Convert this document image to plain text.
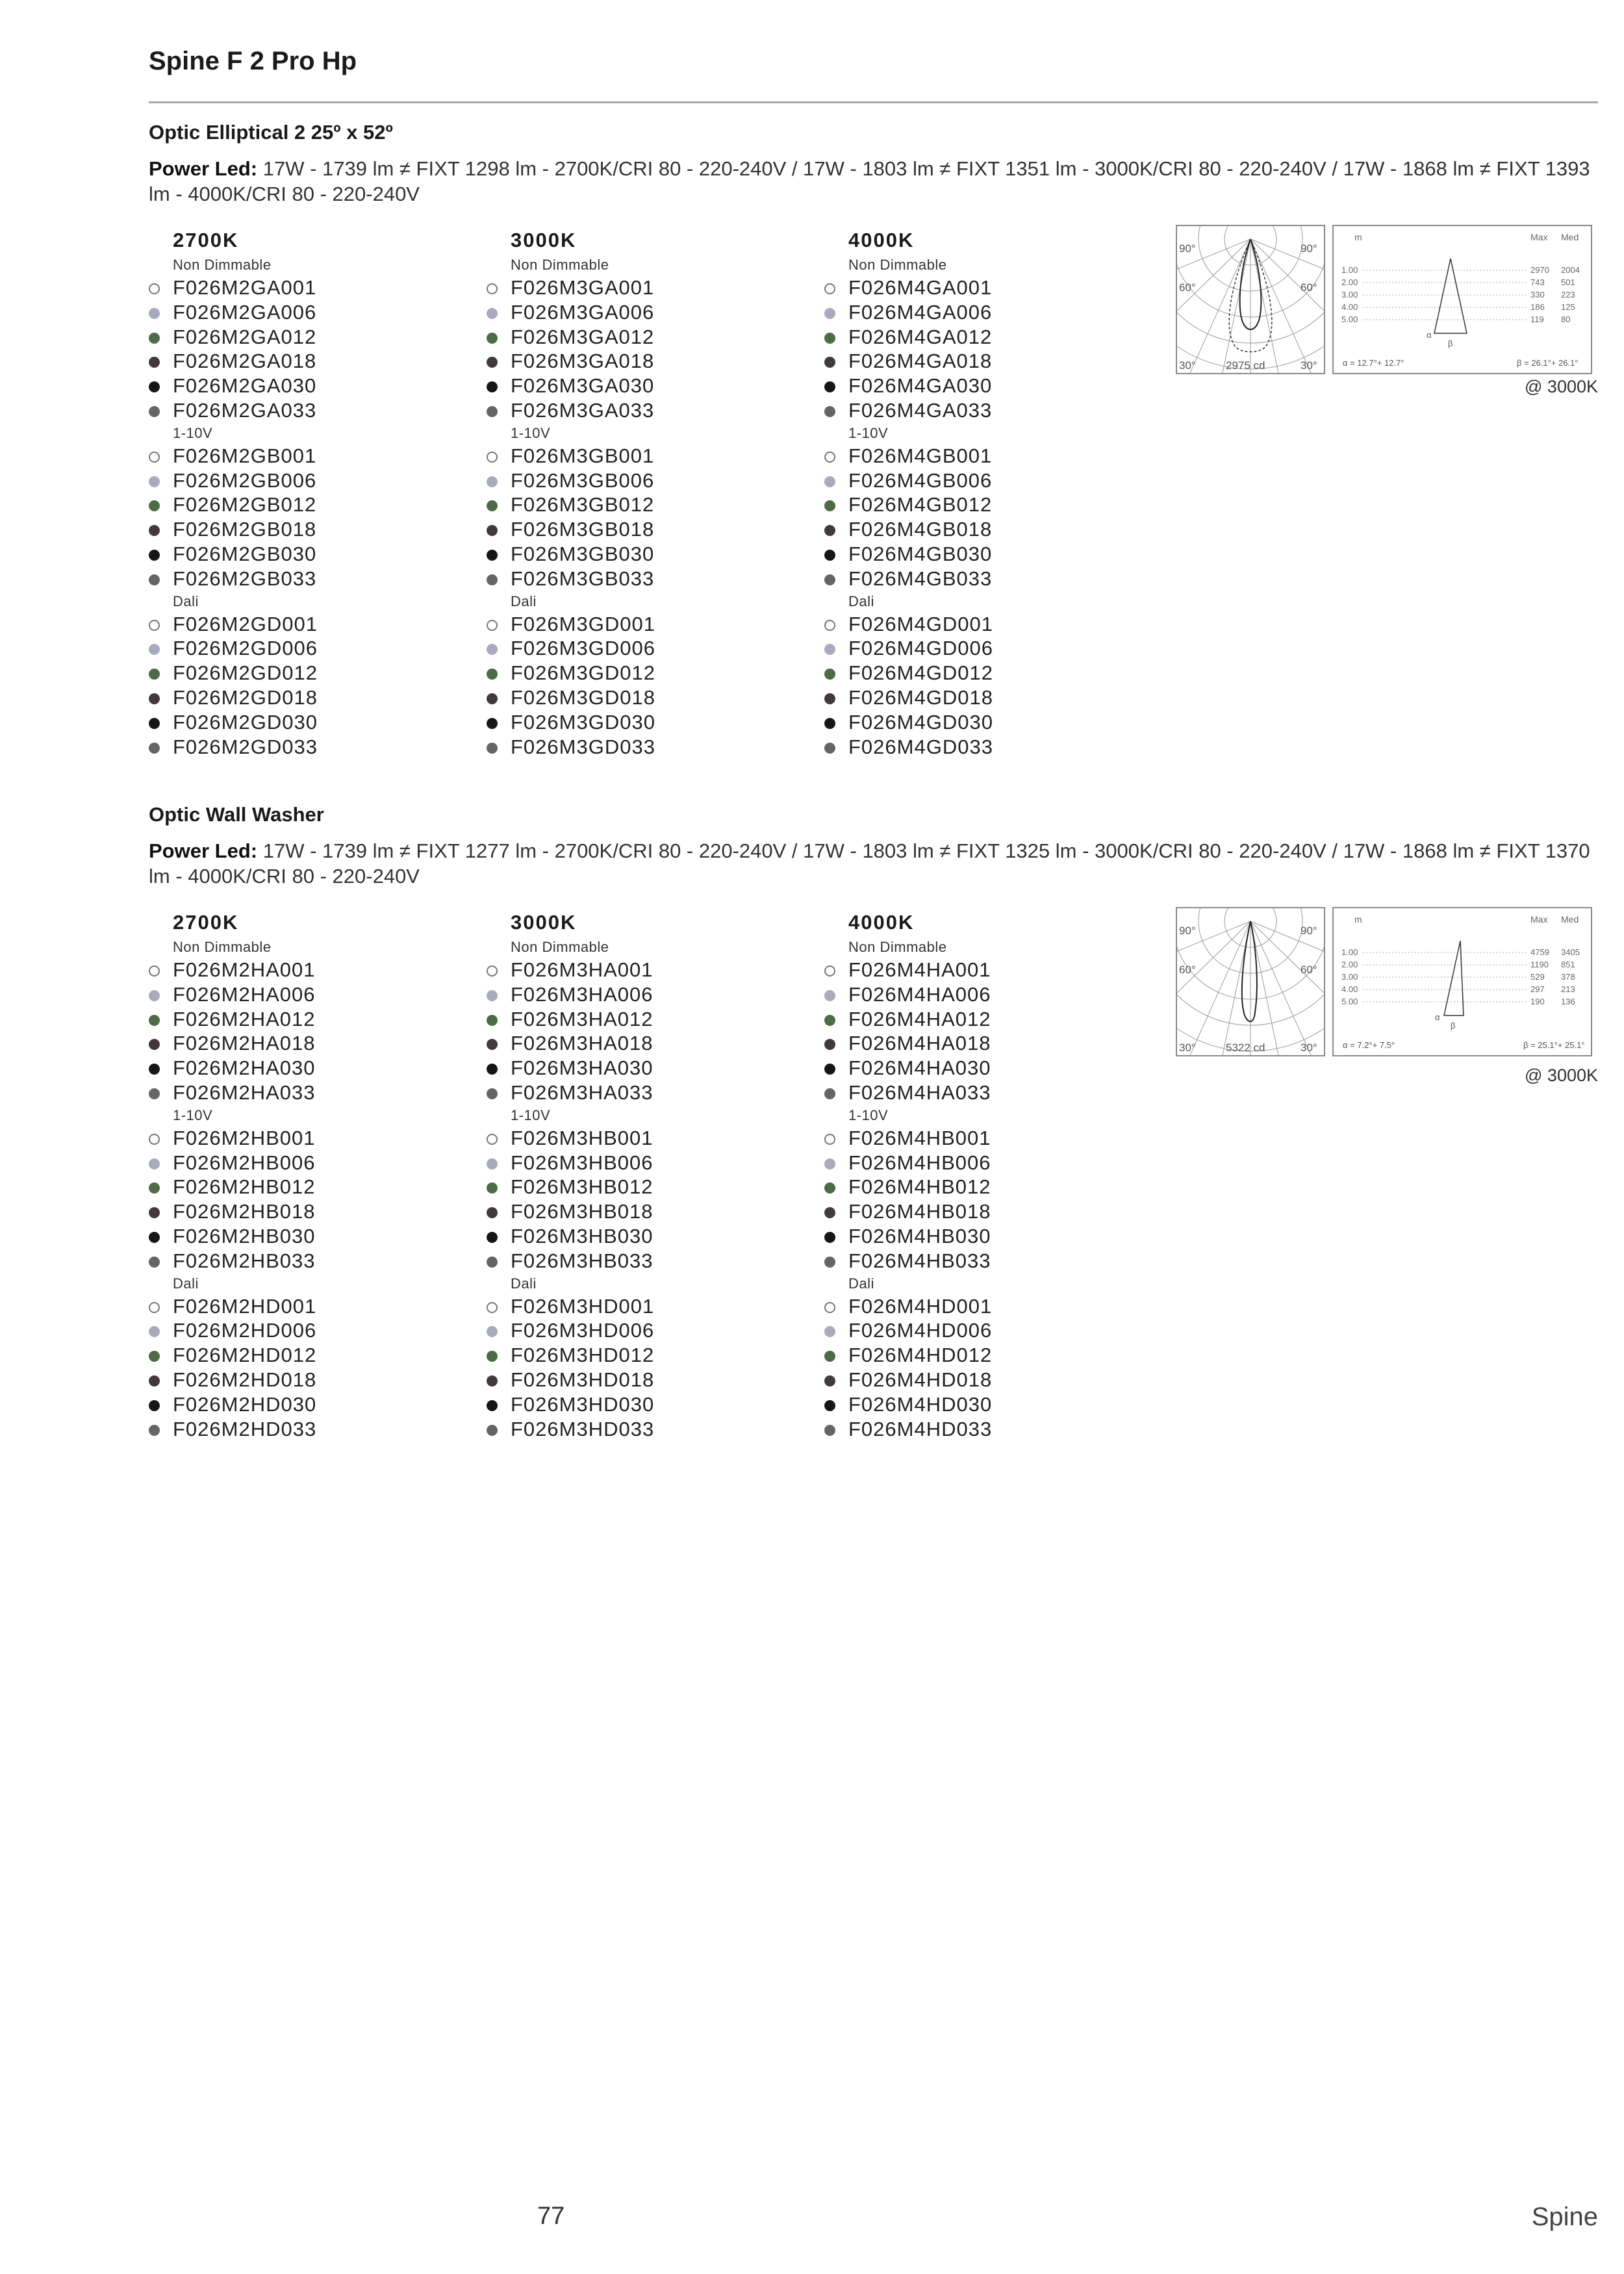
Spine F 2 Pro Hp
Optic Elliptical 2 25º x 52º
Power Led: 17W - 1739 lm ≠ FIXT 1298 lm - 2700K/CRI 80 - 220-240V / 17W - 1803 lm ≠ FIXT 1351 lm - 3000K/CRI 80 - 220-240V / 17W - 1868 lm ≠ FIXT 1393 lm - 4000K/CRI 80 - 220-240V
2700K
Non Dimmable
F026M2GA001
F026M2GA006
F026M2GA012
F026M2GA018
F026M2GA030
F026M2GA033
1-10V
F026M2GB001
F026M2GB006
F026M2GB012
F026M2GB018
F026M2GB030
F026M2GB033
Dali
F026M2GD001
F026M2GD006
F026M2GD012
F026M2GD018
F026M2GD030
F026M2GD033
3000K
Non Dimmable
F026M3GA001
F026M3GA006
F026M3GA012
F026M3GA018
F026M3GA030
F026M3GA033
1-10V
F026M3GB001
F026M3GB006
F026M3GB012
F026M3GB018
F026M3GB030
F026M3GB033
Dali
F026M3GD001
F026M3GD006
F026M3GD012
F026M3GD018
F026M3GD030
F026M3GD033
4000K
Non Dimmable
F026M4GA001
F026M4GA006
F026M4GA012
F026M4GA018
F026M4GA030
F026M4GA033
1-10V
F026M4GB001
F026M4GB006
F026M4GB012
F026M4GB018
F026M4GB030
F026M4GB033
Dali
F026M4GD001
F026M4GD006
F026M4GD012
F026M4GD018
F026M4GD030
F026M4GD033
90°	90°
60°	60°
30°	30°
2975 cd
m	Max Med
1.00	2970 2004
2.00	743 501
3.00	330 223
4.00	186 125
5.00	119 80
α
β
α = 12.7°+ 12.7°	β = 26.1°+ 26.1°
@ 3000K
Optic Wall Washer
Power Led: 17W - 1739 lm ≠ FIXT 1277 lm - 2700K/CRI 80 - 220-240V / 17W - 1803 lm ≠ FIXT 1325 lm - 3000K/CRI 80 - 220-240V / 17W - 1868 lm ≠ FIXT 1370 lm - 4000K/CRI 80 - 220-240V
2700K
Non Dimmable
F026M2HA001
F026M2HA006
F026M2HA012
F026M2HA018
F026M2HA030
F026M2HA033
1-10V
F026M2HB001
F026M2HB006
F026M2HB012
F026M2HB018
F026M2HB030
F026M2HB033
Dali
F026M2HD001
F026M2HD006
F026M2HD012
F026M2HD018
F026M2HD030
F026M2HD033
3000K
Non Dimmable
F026M3HA001
F026M3HA006
F026M3HA012
F026M3HA018
F026M3HA030
F026M3HA033
1-10V
F026M3HB001
F026M3HB006
F026M3HB012
F026M3HB018
F026M3HB030
F026M3HB033
Dali
F026M3HD001
F026M3HD006
F026M3HD012
F026M3HD018
F026M3HD030
F026M3HD033
4000K
Non Dimmable
F026M4HA001
F026M4HA006
F026M4HA012
F026M4HA018
F026M4HA030
F026M4HA033
1-10V
F026M4HB001
F026M4HB006
F026M4HB012
F026M4HB018
F026M4HB030
F026M4HB033
Dali
F026M4HD001
F026M4HD006
F026M4HD012
F026M4HD018
F026M4HD030
F026M4HD033
90°	90°
60°	60°
30°	30°
5322 cd
m	Max Med
1.00	4759 3405
2.00	1190 851
3.00	529 378
4.00	297 213
5.00	190 136
α
β
α = 7.2°+ 7.5°	β = 25.1°+ 25.1°
@ 3000K
77	Spine
